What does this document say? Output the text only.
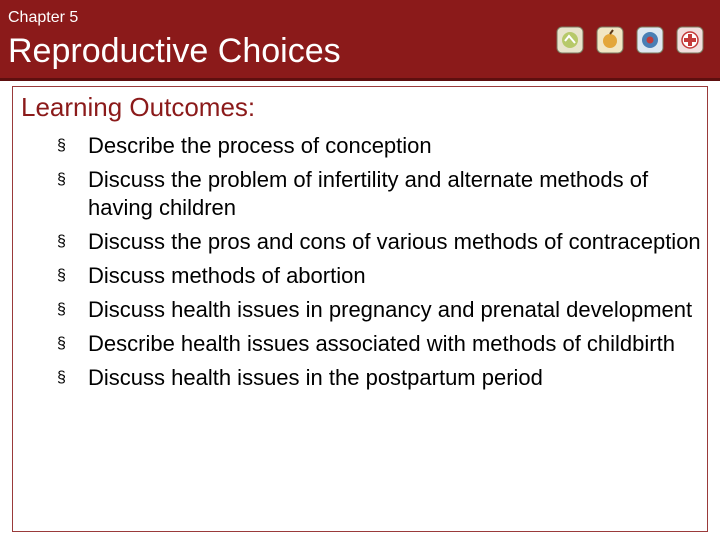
Chapter 5
Reproductive Choices
Learning Outcomes:
§ Describe the process of conception
§ Discuss the problem of infertility and alternate methods of having children
§ Discuss the pros and cons of various methods of contraception
§ Discuss methods of abortion
§ Discuss health issues in pregnancy and prenatal development
§ Describe health issues associated with methods of childbirth
§ Discuss health issues in the postpartum period
